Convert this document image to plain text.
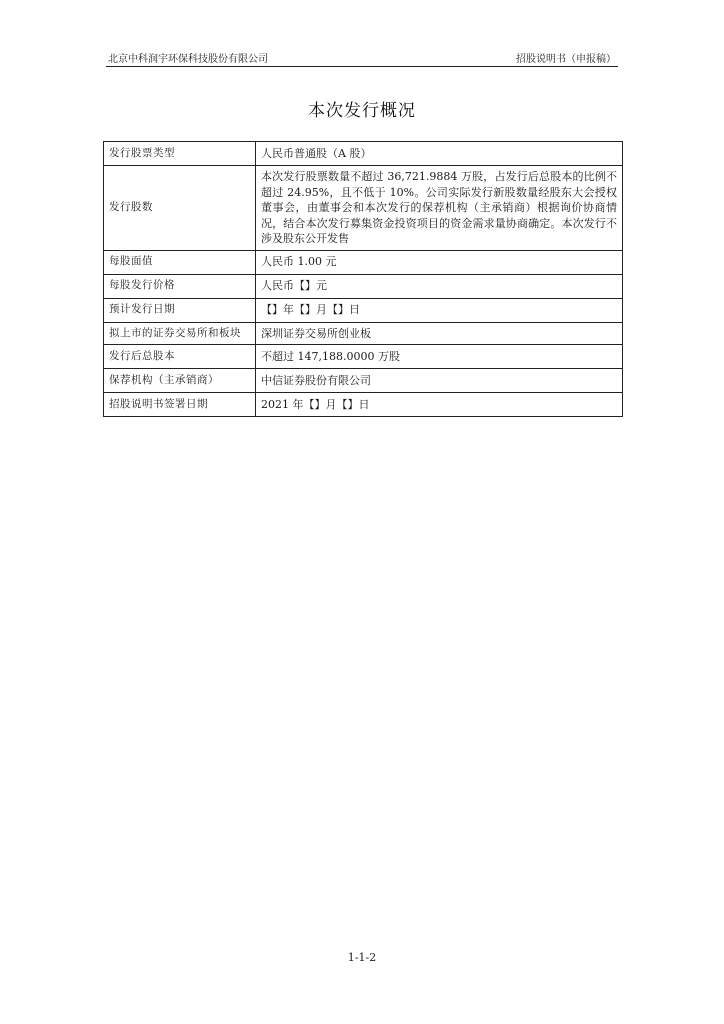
北京中科润宇环保科技股份有限公司	招股说明书（申报稿）
本次发行概况
发行股票类型	人民币普通股（A 股）
发行股数	本次发行股票数量不超过 36,721.9884 万股，占发行后总股本的比例不超过 24.95%，且不低于 10%。公司实际发行新股数量经股东大会授权董事会，由董事会和本次发行的保荐机构（主承销商）根据询价协商情况，结合本次发行募集资金投资项目的资金需求量协商确定。本次发行不涉及股东公开发售
每股面值	人民币 1.00 元
每股发行价格	人民币【】元
预计发行日期	【】年【】月【】日
拟上市的证券交易所和板块	深圳证券交易所创业板
发行后总股本	不超过 147,188.0000 万股
保荐机构（主承销商）	中信证券股份有限公司
招股说明书签署日期	2021 年【】月【】日
1-1-2
